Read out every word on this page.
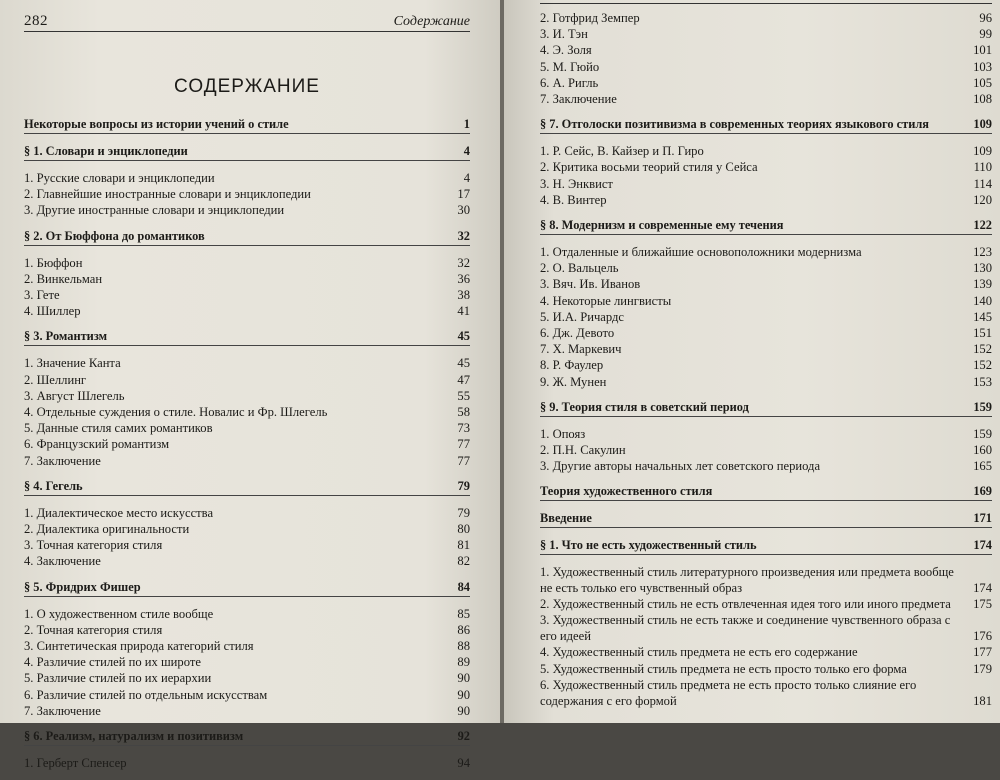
282	Содержание
СОДЕРЖАНИЕ
Некоторые вопросы из истории учений о стиле	1
§ 1. Словари и энциклопедии	4
1. Русские словари и энциклопедии	4
2. Главнейшие иностранные словари и энциклопедии	17
3. Другие иностранные словари и энциклопедии	30
§ 2. От Бюффона до романтиков	32
1. Бюффон	32
2. Винкельман	36
3. Гете	38
4. Шиллер	41
§ 3. Романтизм	45
1. Значение Канта	45
2. Шеллинг	47
3. Август Шлегель	55
4. Отдельные суждения о стиле. Новалис и Фр. Шлегель	58
5. Данные стиля самих романтиков	73
6. Французский романтизм	77
7. Заключение	77
§ 4. Гегель	79
1. Диалектическое место искусства	79
2. Диалектика оригинальности	80
3. Точная категория стиля	81
4. Заключение	82
§ 5. Фридрих Фишер	84
1. О художественном стиле вообще	85
2. Точная категория стиля	86
3. Синтетическая природа категорий стиля	88
4. Различие стилей по их широте	89
5. Различие стилей по их иерархии	90
6. Различие стилей по отдельным искусствам	90
7. Заключение	90
§ 6. Реализм, натурализм и позитивизм	92
1. Герберт Спенсер	94
2. Готфрид Земпер	96
3. И. Тэн	99
4. Э. Золя	101
5. М. Гюйо	103
6. А. Ригль	105
7. Заключение	108
§ 7. Отголоски позитивизма в современных теориях языкового стиля	109
1. Р. Сейс, В. Кайзер и П. Гиро	109
2. Критика восьми теорий стиля у Сейса	110
3. Н. Энквист	114
4. В. Винтер	120
§ 8. Модернизм и современные ему течения	122
1. Отдаленные и ближайшие основоположники модернизма	123
2. О. Вальцель	130
3. Вяч. Ив. Иванов	139
4. Некоторые лингвисты	140
5. И.А. Ричардс	145
6. Дж. Девото	151
7. Х. Маркевич	152
8. Р. Фаулер	152
9. Ж. Мунен	153
§ 9. Теория стиля в советский период	159
1. Опояз	159
2. П.Н. Сакулин	160
3. Другие авторы начальных лет советского периода	165
Теория художественного стиля	169
Введение	171
§ 1. Что не есть художественный стиль	174
1. Художественный стиль литературного произведения или предмета вообще не есть только его чувственный образ	174
2. Художественный стиль не есть отвлеченная идея того или иного предмета	175
3. Художественный стиль не есть также и соединение чувственного образа с его идеей	176
4. Художественный стиль предмета не есть его содержание	177
5. Художественный стиль предмета не есть просто только его форма	179
6. Художественный стиль предмета не есть просто только слияние его содержания с его формой	181
